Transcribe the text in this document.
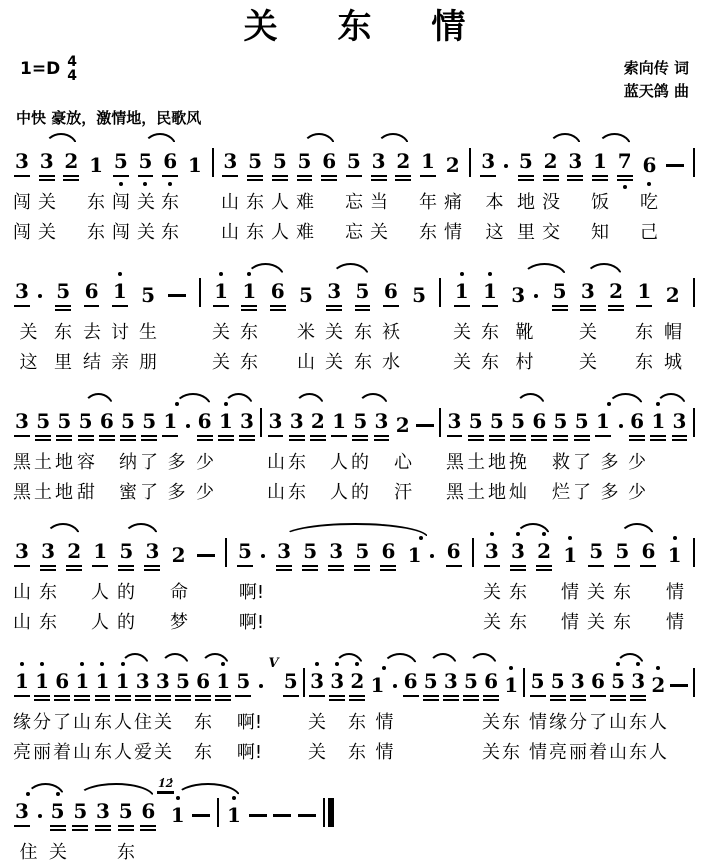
关 东 情
1=D 4
4	索向传 词
蓝天鸽 曲
中快 豪放，激情地，民歌风
3 3 2 1 5 5 6 1 3 5 5 5 6 5 3 2 1 2 3	5 2 3 1 7 6
闯 关 东 闯 关 东 山 东 人 难 忘 当 年 痛 本 地 没 饭 吃
闯 关 东 闯 关 东 山 东 人 难 忘 关 东 情 这 里 交 知 己
3	5 6 1 5	1 1 6 5 3 5 6 5 1 1 3	5 3 2 1 2
关 东 去 讨 生	关 东 米 关 东 袄	关 东 靴	关 东 帽
这 里 结 亲 朋	关 东 山 关 东 水	关 东 村	关 东 城
3 5 5 5 6 5 5 1	6 1 3 3 3 2 1 5 3 2 3 5 5 5 6 5 5 1	6 1 3
黑 土 地 容 纳 了 多 少	山 东 人 的 心 黑 土 地 挽 救 了 多 少
黑 土 地 甜 蜜 了 多 少	山 东 人 的 汗 黑 土 地 灿 烂 了 多 少
3 3 2 1 5 3 2	5	3 5 3 5 6 1	6 3 3 2 1 5 5 6 1
山 东 人 的 命	啊!	关 东 情 关 东 情
山 东 人 的 梦	啊!	关 东 情 关 东 情
1 1 6 1 1 1 3 3 5 6 1 5
V
5 3 3 2 1 6 5 3 5 6 1 5 5 3 6 5 3 2
缘 分 了 山 东 人 住 关 东 啊!	关 东 情	关 东 情 缘 分 了 山 东 人
亮 丽 着 山 东 人 爱 关 东 啊!	关 东 情	关 东 情 亮 丽 着 山 东 人
3	5 5 3 5 6
1̇2̇
1 1
住 关	东
